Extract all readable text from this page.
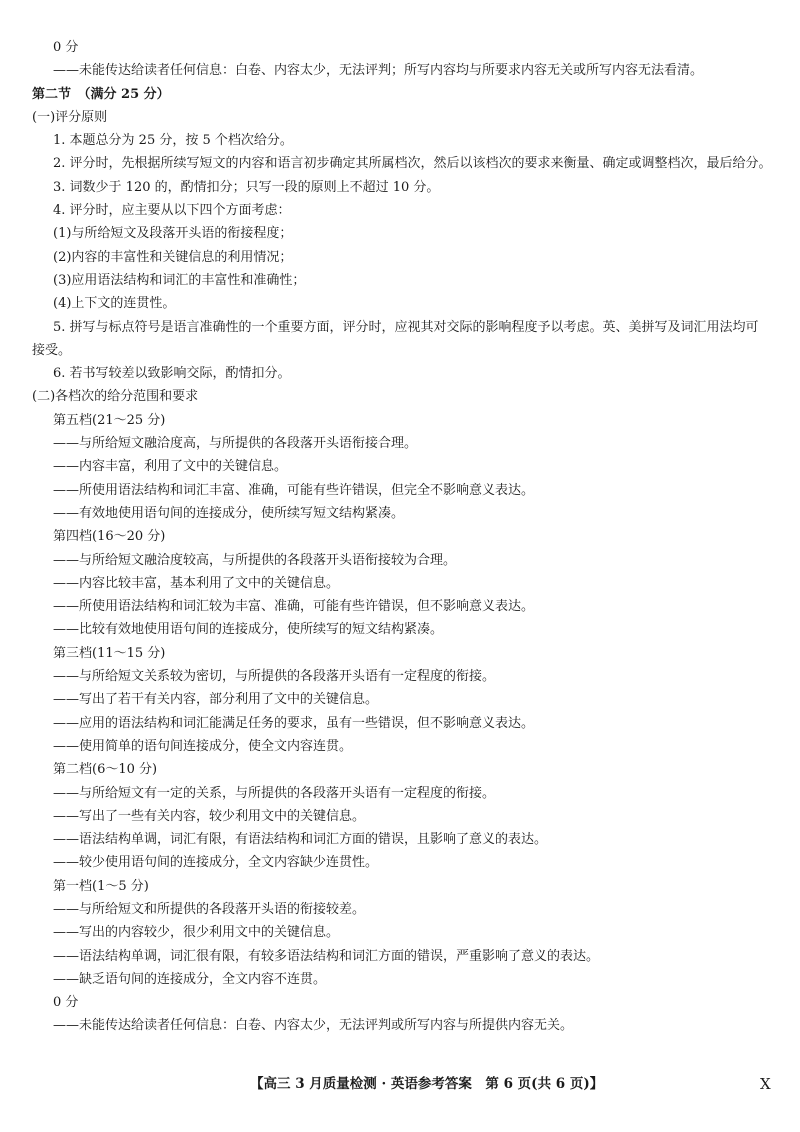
0 分
——未能传达给读者任何信息：白卷、内容太少，无法评判；所写内容均与所要求内容无关或所写内容无法看清。
第二节　（满分 25 分）
(一)评分原则
1. 本题总分为 25 分，按 5 个档次给分。
2. 评分时，先根据所续写短文的内容和语言初步确定其所属档次，然后以该档次的要求来衡量、确定或调整档次，最后给分。
3. 词数少于 120 的，酌情扣分；只写一段的原则上不超过 10 分。
4. 评分时，应主要从以下四个方面考虑：
(1)与所给短文及段落开头语的衔接程度；
(2)内容的丰富性和关键信息的利用情况；
(3)应用语法结构和词汇的丰富性和准确性；
(4)上下文的连贯性。
5. 拼写与标点符号是语言准确性的一个重要方面，评分时，应视其对交际的影响程度予以考虑。英、美拼写及词汇用法均可
接受。
6. 若书写较差以致影响交际，酌情扣分。
(二)各档次的给分范围和要求
第五档(21～25 分)
——与所给短文融洽度高，与所提供的各段落开头语衔接合理。
——内容丰富，利用了文中的关键信息。
——所使用语法结构和词汇丰富、准确，可能有些许错误，但完全不影响意义表达。
——有效地使用语句间的连接成分，使所续写短文结构紧凑。
第四档(16～20 分)
——与所给短文融洽度较高，与所提供的各段落开头语衔接较为合理。
——内容比较丰富，基本利用了文中的关键信息。
——所使用语法结构和词汇较为丰富、准确，可能有些许错误，但不影响意义表达。
——比较有效地使用语句间的连接成分，使所续写的短文结构紧凑。
第三档(11～15 分)
——与所给短文关系较为密切，与所提供的各段落开头语有一定程度的衔接。
——写出了若干有关内容，部分利用了文中的关键信息。
——应用的语法结构和词汇能满足任务的要求，虽有一些错误，但不影响意义表达。
——使用简单的语句间连接成分，使全文内容连贯。
第二档(6～10 分)
——与所给短文有一定的关系，与所提供的各段落开头语有一定程度的衔接。
——写出了一些有关内容，较少利用文中的关键信息。
——语法结构单调，词汇有限，有语法结构和词汇方面的错误，且影响了意义的表达。
——较少使用语句间的连接成分，全文内容缺少连贯性。
第一档(1～5 分)
——与所给短文和所提供的各段落开头语的衔接较差。
——写出的内容较少，很少利用文中的关键信息。
——语法结构单调，词汇很有限，有较多语法结构和词汇方面的错误，严重影响了意义的表达。
——缺乏语句间的连接成分，全文内容不连贯。
0 分
——未能传达给读者任何信息：白卷、内容太少，无法评判或所写内容与所提供内容无关。
【高三 3 月质量检测 · 英语参考答案　第 6 页(共 6 页)】	X
